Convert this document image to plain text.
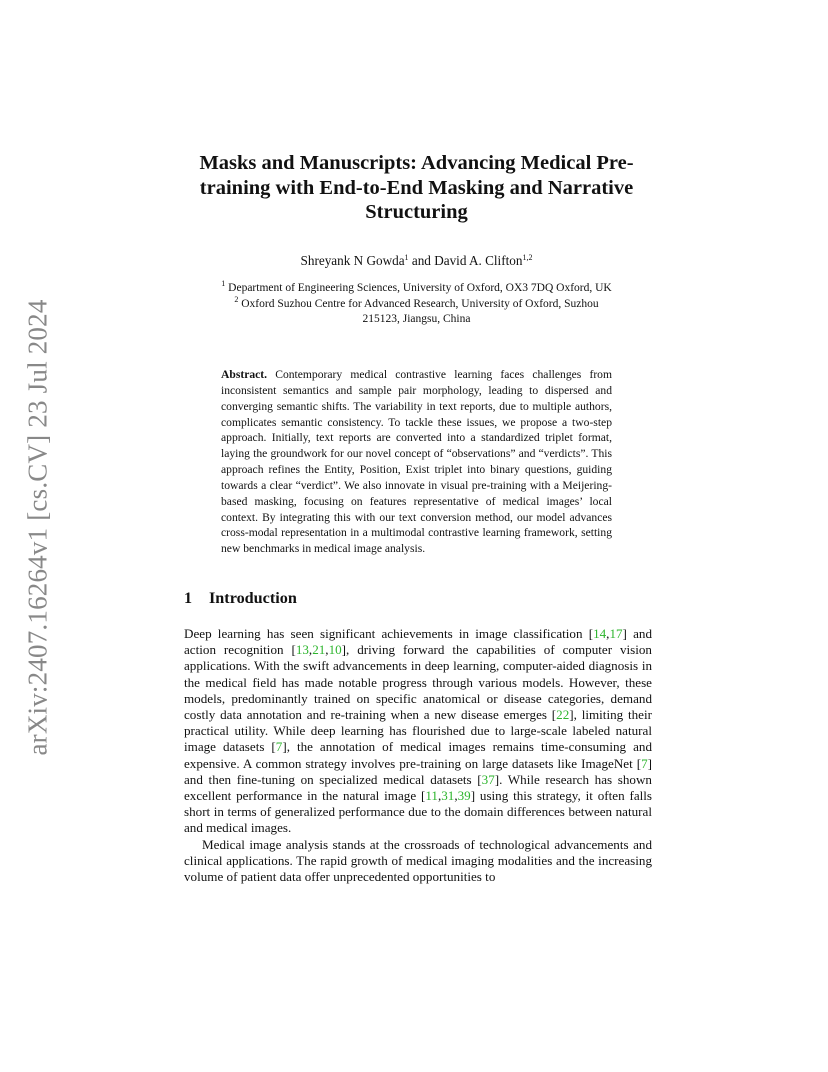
arXiv:2407.16264v1 [cs.CV] 23 Jul 2024
Masks and Manuscripts: Advancing Medical Pre-training with End-to-End Masking and Narrative Structuring

Shreyank N Gowda$^1$ and David A. Clifton$^{1,2}$

$^1$ Department of Engineering Sciences, University of Oxford, OX3 7DQ Oxford, UK
$^2$ Oxford Suzhou Centre for Advanced Research, University of Oxford, Suzhou
215123, Jiangsu, China

Abstract. Contemporary medical contrastive learning faces challenges from inconsistent semantics and sample pair morphology, leading to dispersed and converging semantic shifts. The variability in text reports, due to multiple authors, complicates semantic consistency. To tackle these issues, we propose a two-step approach. Initially, text reports are converted into a standardized triplet format, laying the groundwork for our novel concept of “observations” and “verdicts”. This approach refines the Entity, Position, Exist triplet into binary questions, guiding towards a clear “verdict”. We also innovate in visual pre-training with a Meijering-based masking, focusing on features representative of medical images’ local context. By integrating this with our text conversion method, our model advances cross-modal representation in a multimodal contrastive learning framework, setting new benchmarks in medical image analysis.

1 Introduction

Deep learning has seen significant achievements in image classification [14,17] and action recognition [13,21,10], driving forward the capabilities of computer vision applications. With the swift advancements in deep learning, computer-aided diagnosis in the medical field has made notable progress through various models. However, these models, predominantly trained on specific anatomical or disease categories, demand costly data annotation and re-training when a new disease emerges [22], limiting their practical utility. While deep learning has flourished due to large-scale labeled natural image datasets [7], the annotation of medical images remains time-consuming and expensive. A common strategy involves pre-training on large datasets like ImageNet [7] and then fine-tuning on specialized medical datasets [37]. While research has shown excellent performance in the natural image [11,31,39] using this strategy, it often falls short in terms of generalized performance due to the domain differences between natural and medical images.

Medical image analysis stands at the crossroads of technological advancements and clinical applications. The rapid growth of medical imaging modalities and the increasing volume of patient data offer unprecedented opportunities to
